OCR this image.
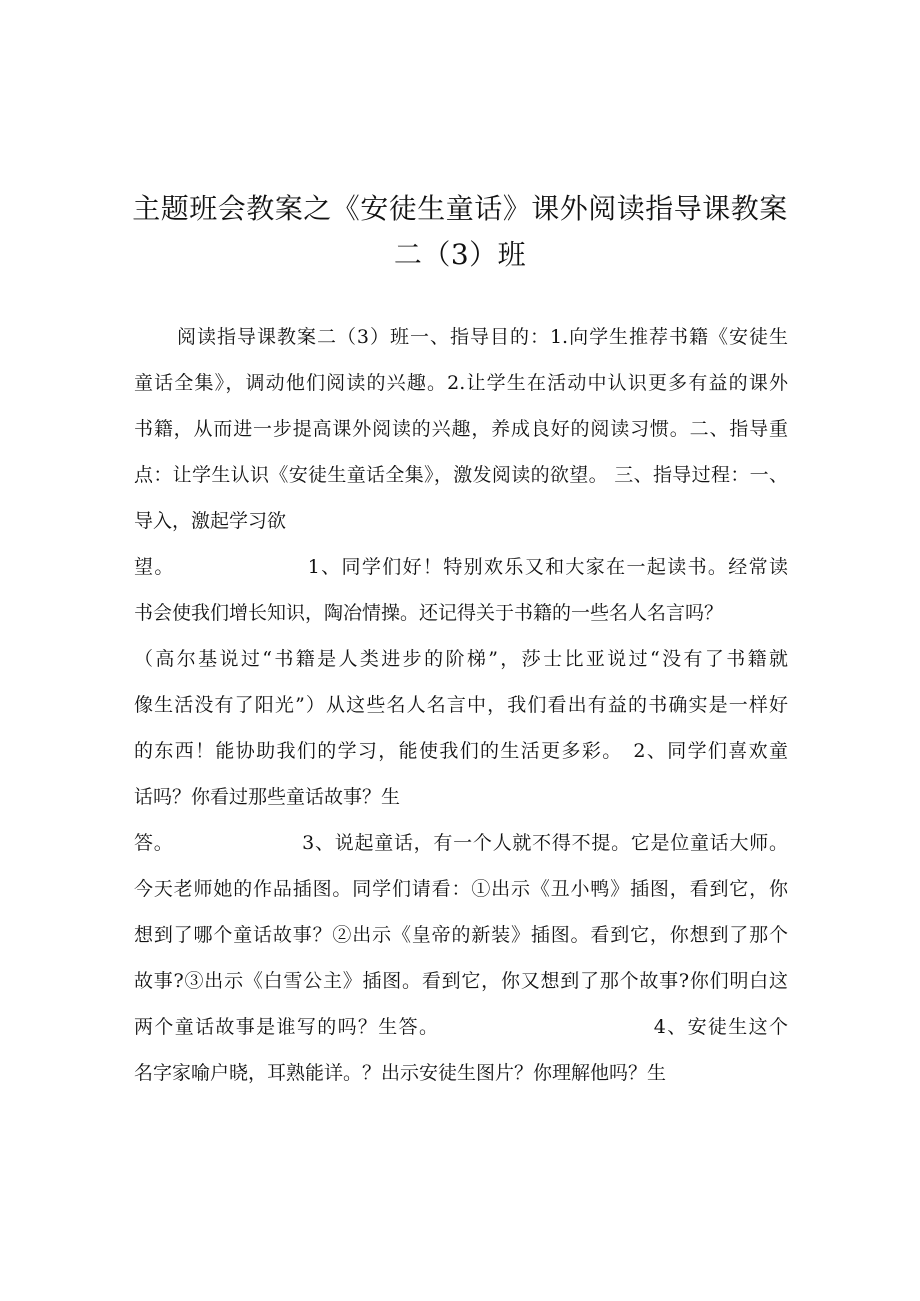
主题班会教案之《安徒生童话》课外阅读指导课教案
二（3）班
阅读指导课教案二（3）班一、指导目的：1.向学生推荐书籍《安徒生
童话全集》，调动他们阅读的兴趣。2.让学生在活动中认识更多有益的课外
书籍，从而进一步提高课外阅读的兴趣，养成良好的阅读习惯。二、指导重
点：让学生认识《安徒生童话全集》，激发阅读的欲望。 三、指导过程：一、
导入，激起学习欲
望。　　　　　　　1、同学们好！特别欢乐又和大家在一起读书。经常读
书会使我们增长知识，陶冶情操。还记得关于书籍的一些名人名言吗？
（高尔基说过“书籍是人类进步的阶梯”，莎士比亚说过“没有了书籍就
像生活没有了阳光”）从这些名人名言中，我们看出有益的书确实是一样好
的东西！能协助我们的学习，能使我们的生活更多彩。　2、同学们喜欢童
话吗？你看过那些童话故事？生
答。　　　　　　　3、说起童话，有一个人就不得不提。它是位童话大师。
今天老师她的作品插图。同学们请看：①出示《丑小鸭》插图，看到它，你
想到了哪个童话故事？②出示《皇帝的新装》插图。看到它，你想到了那个
故事?③出示《白雪公主》插图。看到它，你又想到了那个故事?你们明白这
两个童话故事是谁写的吗？生答。　　　　　　　　　　　4、安徒生这个
名字家喻户晓，耳熟能详。？出示安徒生图片？你理解他吗？生
